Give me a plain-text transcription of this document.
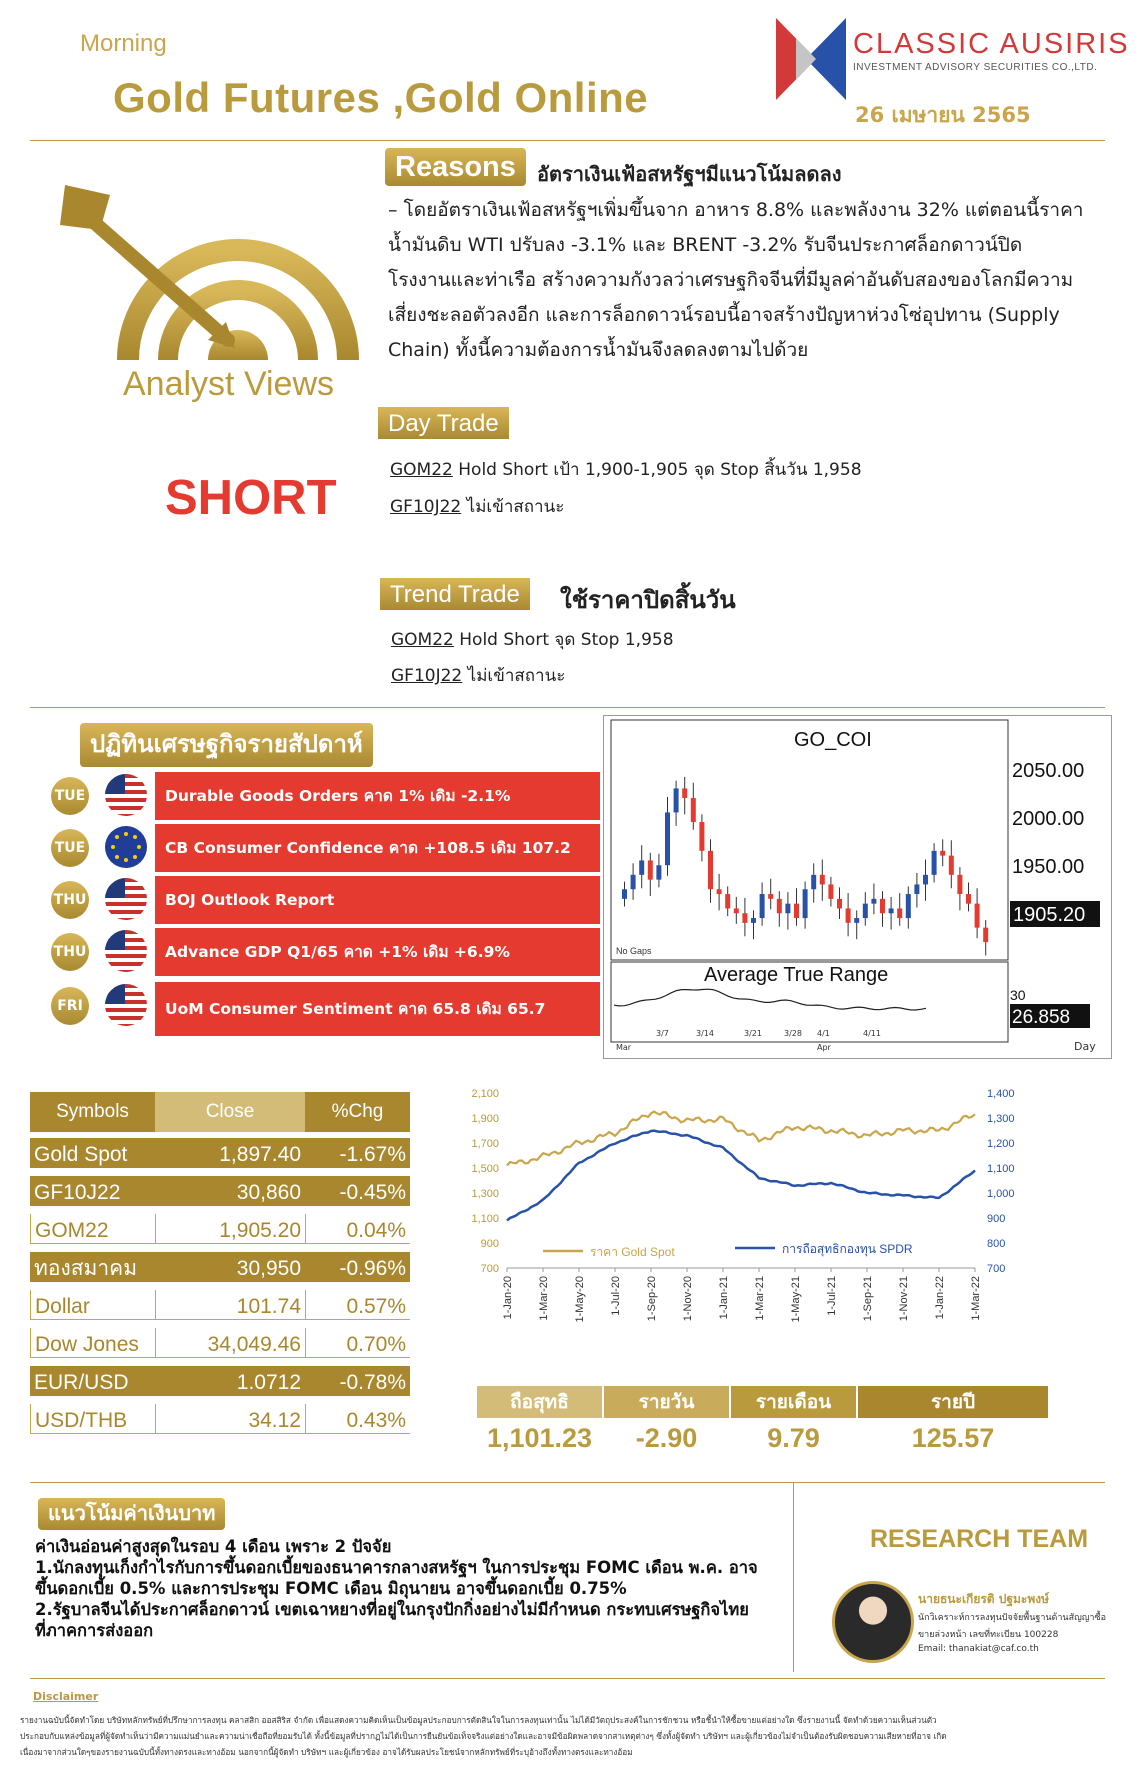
Morning
Gold Futures ,Gold Online
CLASSIC AUSIRIS
INVESTMENT ADVISORY SECURITIES CO.,LTD.
26 เมษายน 2565
Analyst Views
SHORT
Reasons	อัตราเงินเฟ้อสหรัฐฯมีแนวโน้มลดลง
– โดยอัตราเงินเฟ้อสหรัฐฯเพิ่มขึ้นจาก อาหาร 8.8% และพลังงาน 32% แต่ตอนนี้ราคา
น้ำมันดิบ WTI ปรับลง -3.1% และ BRENT -3.2% รับจีนประกาศล็อกดาวน์ปิด
โรงงานและท่าเรือ สร้างความกังวลว่าเศรษฐกิจจีนที่มีมูลค่าอันดับสองของโลกมีความ
เสี่ยงชะลอตัวลงอีก และการล็อกดาวน์รอบนี้อาจสร้างปัญหาห่วงโซ่อุปทาน (Supply
Chain) ทั้งนี้ความต้องการน้ำมันจึงลดลงตามไปด้วย
Day Trade
GOM22 Hold Short เป้า 1,900-1,905 จุด Stop สิ้นวัน 1,958
GF10J22 ไม่เข้าสถานะ
Trend Trade	ใช้ราคาปิดสิ้นวัน
GOM22 Hold Short จุด Stop 1,958
GF10J22 ไม่เข้าสถานะ
ปฏิทินเศรษฐกิจรายสัปดาห์
TUE	Durable Goods Orders คาด 1% เดิม -2.1%
TUE	CB Consumer Confidence คาด +108.5 เดิม 107.2
THU	BOJ Outlook Report
THU	Advance GDP Q1/65 คาด +1% เดิม +6.9%
FRI	UoM Consumer Sentiment คาด 65.8 เดิม 65.7
GO_COI
2050.00
2000.00
1950.00
1905.20
No Gaps
Average True Range
30
26.858
3/7	3/14	3/21	3/28 4/1	4/11
Mar	Apr	Day
Symbols	Close	%Chg
Gold Spot	1,897.40	-1.67%
GF10J22	30,860	-0.45%
GOM22	1,905.20	0.04%
ทองสมาคม	30,950	-0.96%
Dollar	101.74	0.57%
Dow Jones	34,049.46	0.70%
EUR/USD	1.0712	-0.78%
USD/THB	34.12	0.43%
2,100
1,900
1,700
1,500
1,300
1,100
900
700
1,400
1,300
1,200
1,100
1,000
900
800
700
1-Jan-20 1-Mar-20 1-May-20 1-Jul-20 1-Sep-20 1-Nov-20 1-Jan-21 1-Mar-21 1-May-21 1-Jul-21 1-Sep-21 1-Nov-21 1-Jan-22 1-Mar-22
ราคา Gold Spot	การถือสุทธิกองทุน SPDR
ถือสุทธิ	รายวัน	รายเดือน	รายปี
1,101.23	-2.90	9.79	125.57
แนวโน้มค่าเงินบาท
ค่าเงินอ่อนค่าสูงสุดในรอบ 4 เดือน เพราะ 2 ปัจจัย
1.นักลงทุนเก็งกำไรกับการขึ้นดอกเบี้ยของธนาคารกลางสหรัฐฯ ในการประชุม FOMC เดือน พ.ค. อาจ
ขึ้นดอกเบี้ย 0.5% และการประชุม FOMC เดือน มิถุนายน อาจขึ้นดอกเบี้ย 0.75%
2.รัฐบาลจีนได้ประกาศล็อกดาวน์ เขตเฉาหยางที่อยู่ในกรุงปักกิ่งอย่างไม่มีกำหนด กระทบเศรษฐกิจไทย
ที่ภาคการส่งออก
RESEARCH TEAM
นายธนะเกียรติ ปฐมะพงษ์
นักวิเคราะห์การลงทุนปัจจัยพื้นฐานด้านสัญญาซื้อ
ขายล่วงหน้า เลขที่ทะเบียน 100228
Email: thanakiat@caf.co.th
Disclaimer
รายงานฉบับนี้จัดทำโดย บริษัทหลักทรัพย์ที่ปรึกษาการลงทุน คลาสสิก ออสสิริส จำกัด เพื่อแสดงความคิดเห็นเป็นข้อมูลประกอบการตัดสินใจในการลงทุนเท่านั้น ไม่ได้มีวัตถุประสงค์ในการชักชวน หรือชี้นำให้ซื้อขายแต่อย่างใด ซึ่งรายงานนี้ จัดทำด้วยความเห็นส่วนตัว
ประกอบกับแหล่งข้อมูลที่ผู้จัดทำเห็นว่ามีความแม่นยำและความน่าเชื่อถือที่ยอมรับได้ ทั้งนี้ข้อมูลที่ปรากฏไม่ได้เป็นการยืนยันข้อเท็จจริงแต่อย่างใดและอาจมีข้อผิดพลาดจากสาเหตุต่างๆ ซึ่งทั้งผู้จัดทำ บริษัทฯ และผู้เกี่ยวข้องไม่จำเป็นต้องรับผิดชอบความเสียหายที่อาจ เกิด
เนื่องมาจากส่วนใดๆของรายงานฉบับนี้ทั้งทางตรงและทางอ้อม นอกจากนี้ผู้จัดทำ บริษัทฯ และผู้เกี่ยวข้อง อาจได้รับผลประโยชน์จากหลักทรัพย์ที่ระบุอ้างถึงทั้งทางตรงและทางอ้อม
